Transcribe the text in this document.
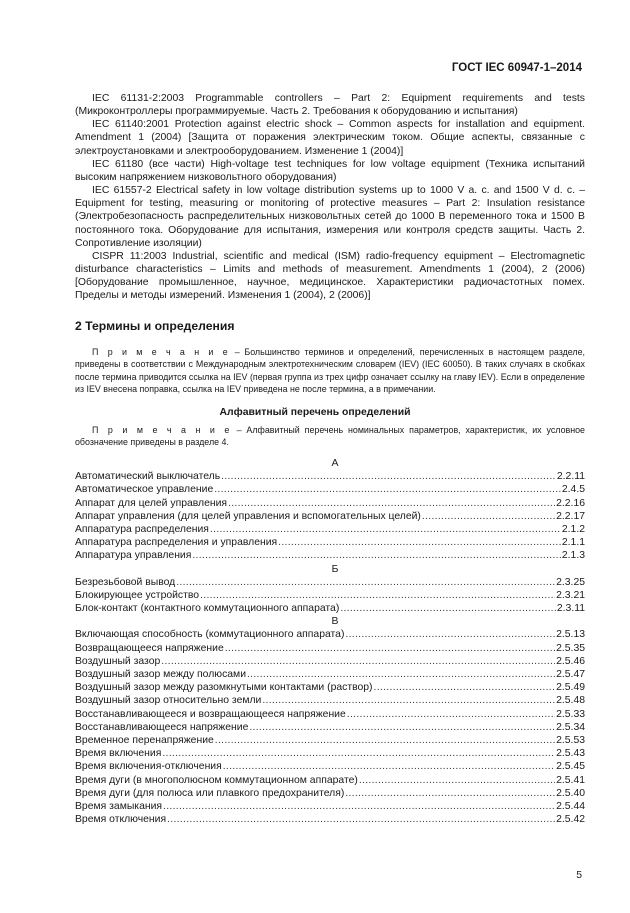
ГОСТ IEC 60947-1–2014

IEC 61131-2:2003 Programmable controllers – Part 2: Equipment requirements and tests (Микроконтроллеры программируемые. Часть 2. Требования к оборудованию и испытания)

IEC 61140:2001 Protection against electric shock – Common aspects for installation and equipment. Amendment 1 (2004) [Защита от поражения электрическим током. Общие аспекты, связанные с электроустановками и электрооборудованием. Изменение 1 (2004)]

IEC 61180 (все части) High-voltage test techniques for low voltage equipment (Техника испытаний высоким напряжением низковольтного оборудования)

IEC 61557-2 Electrical safety in low voltage distribution systems up to 1000 V a. c. and 1500 V d. c. – Equipment for testing, measuring or monitoring of protective measures – Part 2: Insulation resistance (Электробезопасность распределительных низковольтных сетей до 1000 В переменного тока и 1500 В постоянного тока. Оборудование для испытания, измерения или контроля средств защиты. Часть 2. Сопротивление изоляции)

CISPR 11:2003 Industrial, scientific and medical (ISM) radio-frequency equipment – Electromagnetic disturbance characteristics – Limits and methods of measurement. Amendments 1 (2004), 2 (2006) [Оборудование промышленное, научное, медицинское. Характеристики радиочастотных помех. Пределы и методы измерений. Изменения 1 (2004), 2 (2006)]

2 Термины и определения
П р и м е ч а н и е – Большинство терминов и определений, перечисленных в настоящем разделе, приведены в соответствии с Международным электротехническим словарем (IEV) (IEC 60050). В таких случаях в скобках после термина приводится ссылка на IEV (первая группа из трех цифр означает ссылку на главу IEV). Если в определение из IEV внесена поправка, ссылка на IEV приведена не после термина, а в примечании.
Алфавитный перечень определений
П р и м е ч а н и е – Алфавитный перечень номинальных параметров, характеристик, их условное обозначение приведены в разделе 4.
А
Автоматический выключатель .....	2.2.11
Автоматическое управление .....	2.4.5
Аппарат для целей управления .....	2.2.16
Аппарат управления (для целей управления и вспомогательных целей) .....	2.2.17
Аппаратура распределения .....	2.1.2
Аппаратура распределения и управления .....	2.1.1
Аппаратура управления .....	2.1.3
Б
Безрезьбовой вывод .....	2.3.25
Блокирующее устройство .....	2.3.21
Блок-контакт (контактного коммутационного аппарата) .....	2.3.11
В
Включающая способность (коммутационного аппарата) .....	2.5.13
Возвращающееся напряжение .....	2.5.35
Воздушный зазор .....	2.5.46
Воздушный зазор между полюсами .....	2.5.47
Воздушный зазор между разомкнутыми контактами (раствор) .....	2.5.49
Воздушный зазор относительно земли .....	2.5.48
Восстанавливающееся и возвращающееся напряжение .....	2.5.33
Восстанавливающееся напряжение .....	2.5.34
Временное перенапряжение .....	2.5.53
Время включения .....	2.5.43
Время включения-отключения .....	2.5.45
Время дуги (в многополюсном коммутационном аппарате) .....	2.5.41
Время дуги (для полюса или плавкого предохранителя) .....	2.5.40
Время замыкания .....	2.5.44
Время отключения .....	2.5.42
5
